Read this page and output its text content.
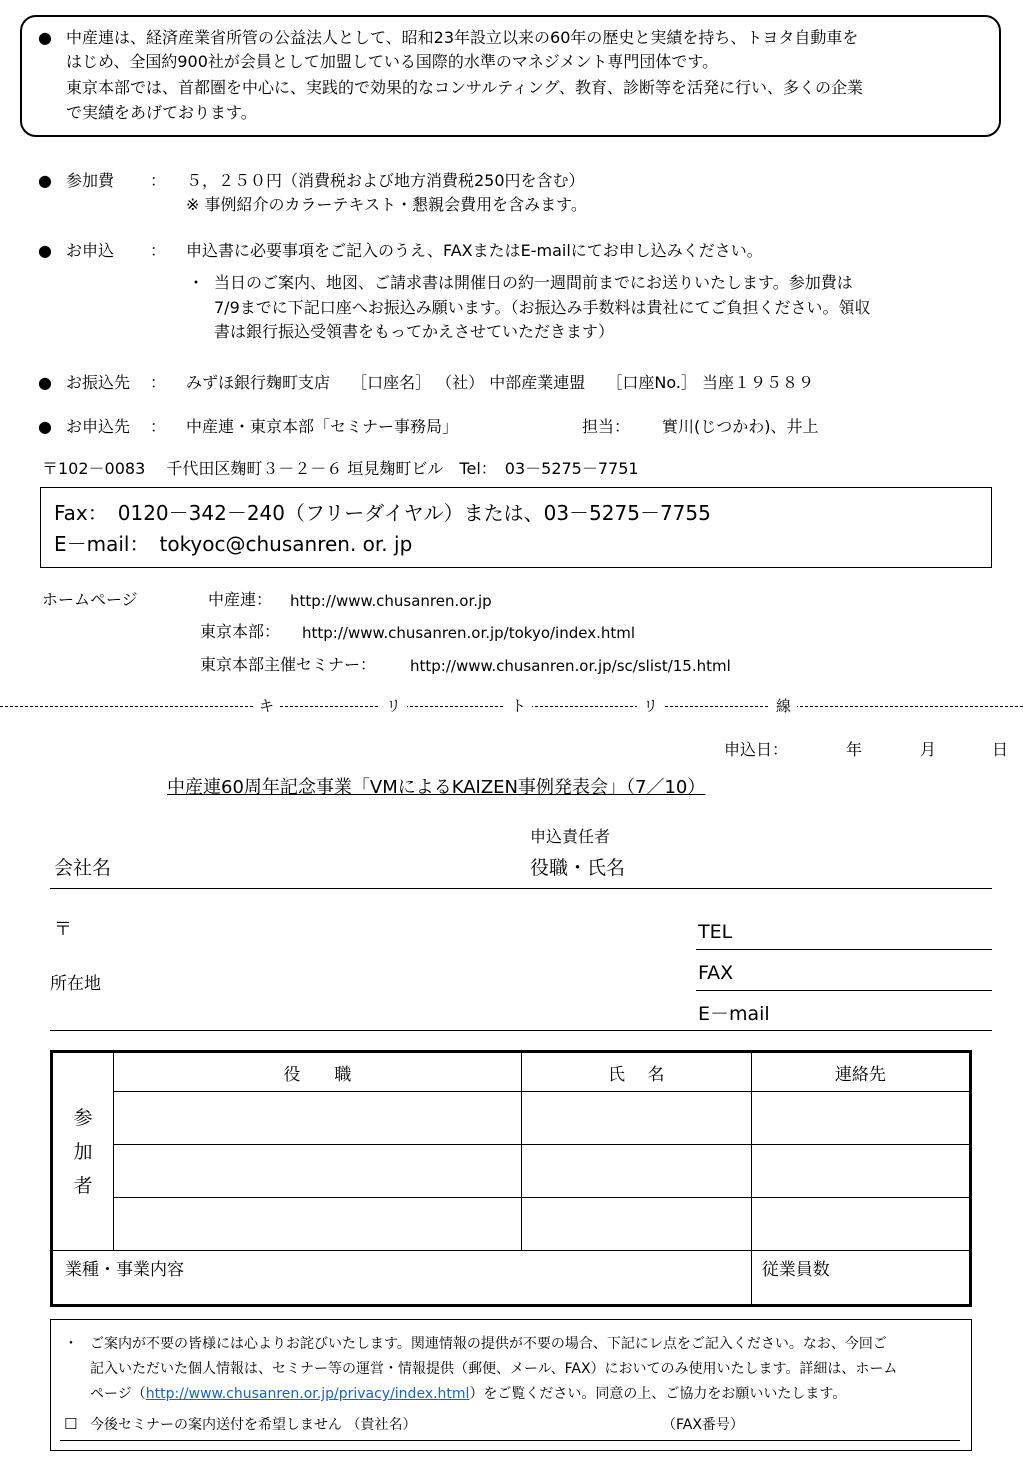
● 中産連は、経済産業省所管の公益法人として、昭和23年設立以来の60年の歴史と実績を持ち、トヨタ自動車を
はじめ、全国約900社が会員として加盟している国際的水準のマネジメント専門団体です。
東京本部では、首都圏を中心に、実践的で効果的なコンサルティング、教育、診断等を活発に行い、多くの企業
で実績をあげております。
● 参加費 ： ５，２５０円（消費税および地方消費税250円を含む）
※ 事例紹介のカラーテキスト・懇親会費用を含みます。
● お申込 ： 申込書に必要事項をご記入のうえ、FAXまたはE-mailにてお申し込みください。
・ 当日のご案内、地図、ご請求書は開催日の約一週間前までにお送りいたします。参加費は
7/9までに下記口座へお振込み願います。（お振込み手数料は貴社にてご負担ください。領収
書は銀行振込受領書をもってかえさせていただきます）
● お振込先 ： みずほ銀行麹町支店　 ［口座名］ （社） 中部産業連盟　 ［口座No.］ 当座１９５８９
● お申込先 ： 中産連・東京本部「セミナー事務局」	担当： 實川(じつかわ)、井上
〒102－0083　 千代田区麹町３－２－６ 垣見麹町ビル　Tel：　03－5275－7751
Fax：　0120－342－240（フリーダイヤル）または、03－5275－7755
E－mail：　tokyoc@chusanren. or. jp
ホームページ	中産連： http://www.chusanren.or.jp
東京本部： http://www.chusanren.or.jp/tokyo/index.html
東京本部主催セミナー： http://www.chusanren.or.jp/sc/slist/15.html
キ	リ	ト	リ	線
申込日：	年	月	日
中産連60周年記念事業「VMによるKAIZEN事例発表会」（7／10）
申込責任者
会社名	役職・氏名
〒
所在地
TEL
FAX
E－mail
参
加
者	役　　職	氏　 名	連絡先

業種・事業内容			従業員数
・ ご案内が不要の皆様には心よりお詫びいたします。関連情報の提供が不要の場合、下記にレ点をご記入ください。なお、今回ご
記入いただいた個人情報は、セミナー等の運営・情報提供（郵便、メール、FAX）においてのみ使用いたします。詳細は、ホーム
ページ（http://www.chusanren.or.jp/privacy/index.html）をご覧ください。同意の上、ご協力をお願いいたします。
☐ 今後セミナーの案内送付を希望しません （貴社名）	（FAX番号）
